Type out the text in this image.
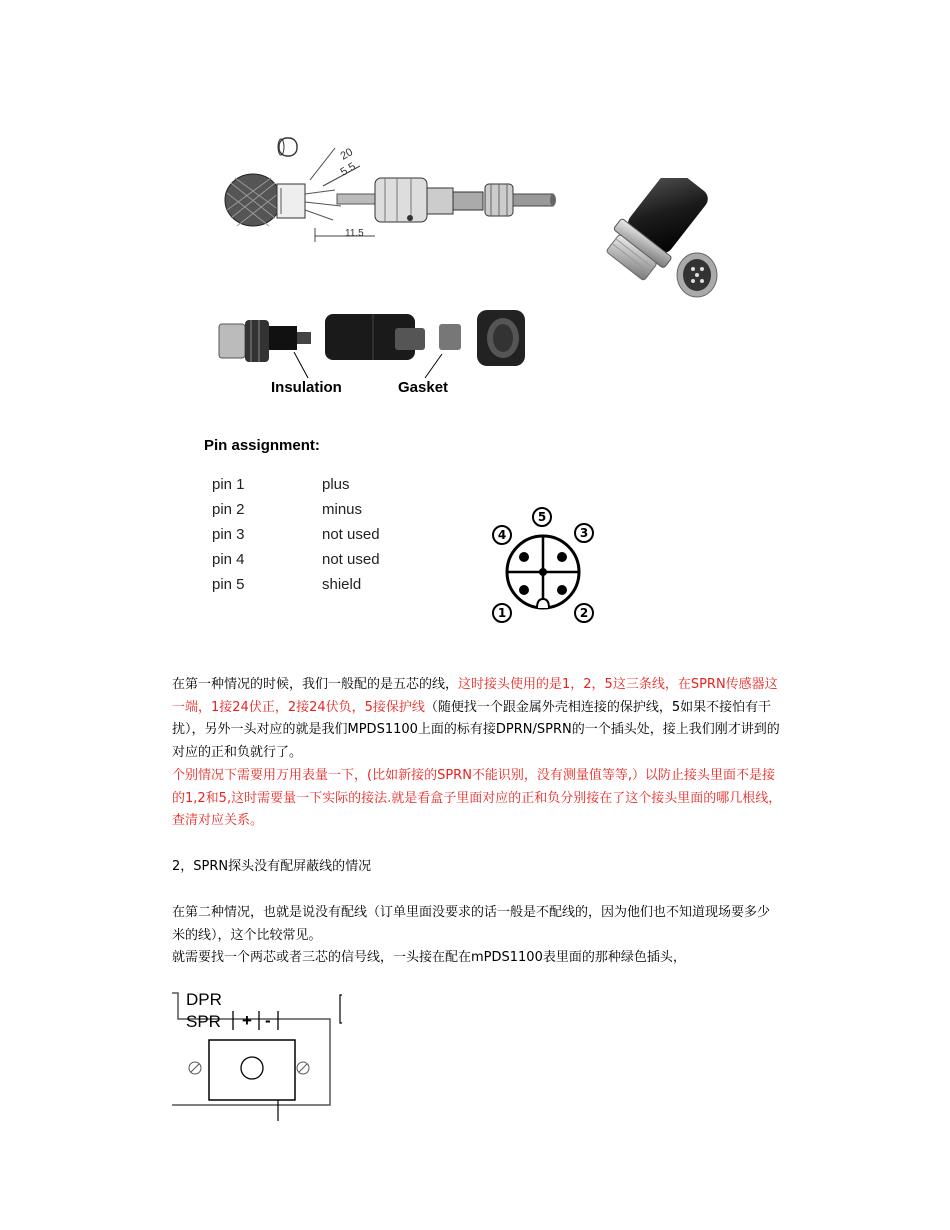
20
5.5
11.5
Insulation	Gasket
Pin assignment:
pin 1	plus
pin 2	minus
pin 3	not used
pin 4	not used
pin 5	shield
5
4	3
1	2
在第一种情况的时候，我们一般配的是五芯的线，这时接头使用的是1，2，5这三条线，在SPRN传感器这一端，1接24伏正，2接24伏负，5接保护线（随便找一个跟金属外壳相连接的保护线，5如果不接怕有干扰），另外一头对应的就是我们MPDS1100上面的标有接DPRN/SPRN的一个插头处，接上我们刚才讲到的对应的正和负就行了。
个别情况下需要用万用表量一下，(比如新接的SPRN不能识别，没有测量值等等,）以防止接头里面不是接的1,2和5,这时需要量一下实际的接法.就是看盒子里面对应的正和负分别接在了这个接头里面的哪几根线，查清对应关系。
2，SPRN探头没有配屏蔽线的情况
在第二种情况，也就是说没有配线（订单里面没要求的话一般是不配线的，因为他们也不知道现场要多少米的线），这个比较常见。
就需要找一个两芯或者三芯的信号线，一头接在配在mPDS1100表里面的那种绿色插头，
DPR
SPR + -
